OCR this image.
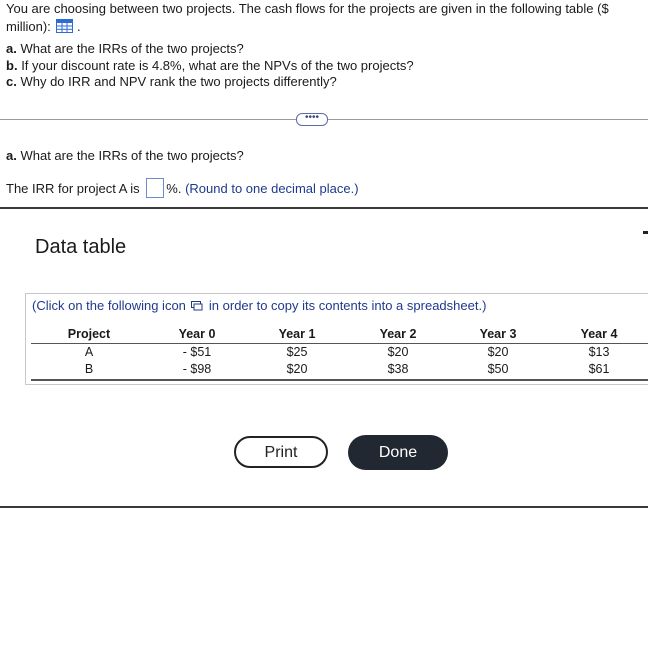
You are choosing between two projects. The cash flows for the projects are given in the following table ($
million): .
a. What are the IRRs of the two projects?
b. If your discount rate is 4.8%, what are the NPVs of the two projects?
c. Why do IRR and NPV rank the two projects differently?
••••
a. What are the IRRs of the two projects?
The IRR for project A is %. (Round to one decimal place.)
Data table
(Click on the following icon in order to copy its contents into a spreadsheet.)
Project	Year 0	Year 1	Year 2	Year 3	Year 4
A	- $51	$25	$20	$20	$13
B	- $98	$20	$38	$50	$61
Print	Done
